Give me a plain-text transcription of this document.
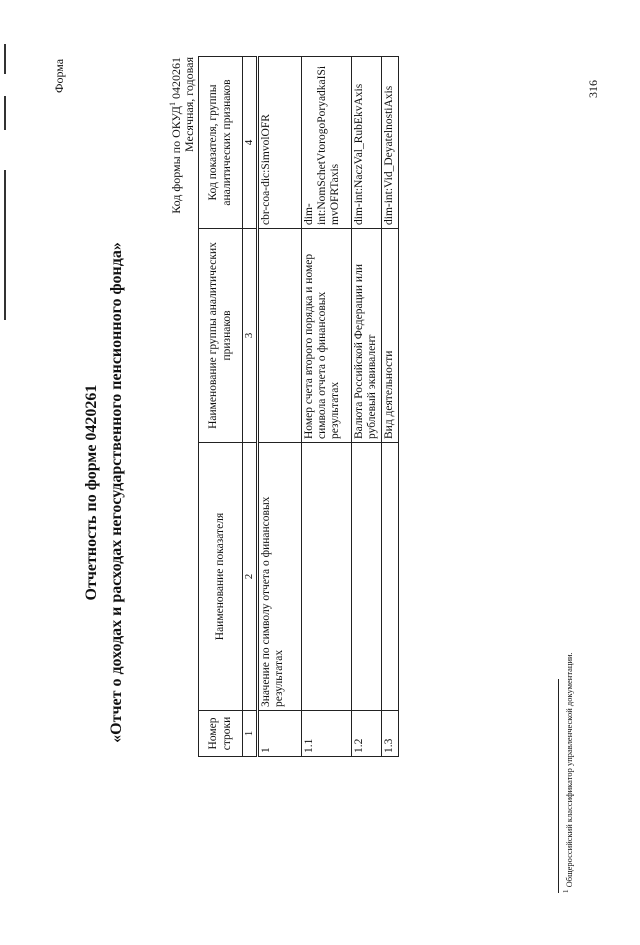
Форма
Отчетность по форме 0420261 «Отчет о доходах и расходах негосударственного пенсионного фонда»
Код формы по ОКУД$^1$ 0420261 Месячная, годовая
Номер строки	Наименование показателя	Наименование группы аналитических признаков	Код показателя, группы аналитических признаков
1	2	3	4
1	Значение по символу отчета о финансовых результатах		cbr-coa-dic:SimvolOFR
1.1		Номер счета второго порядка и номер символа отчета о финансовых результатах	dim-int:NomSchetVtorogoPoryadkaISimvOFRTaxis
1.2		Валюта Российской Федерации или рублевый эквивалент	dim-int:NaczVal_RubEkvAxis
1.3		Вид деятельности	dim-int:Vid_DeyatelnostiAxis
$^1$ Общероссийский классификатор управленческой документации.
316
